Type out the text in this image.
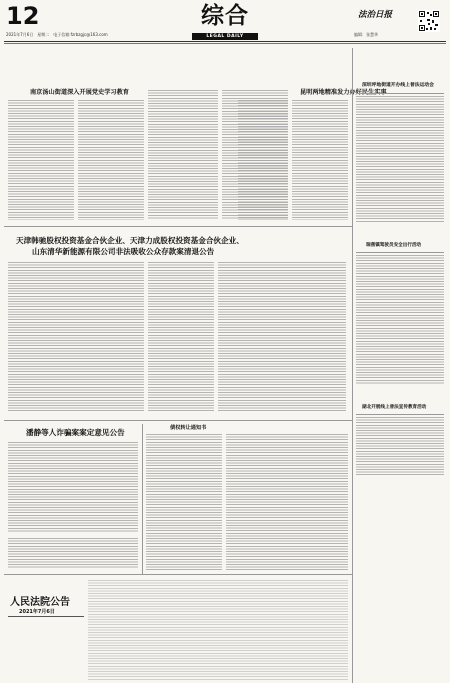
12
2021年7月6日　星期二　电子信箱:fzrbzgjc@163.com
综合
LEGAL DAILY
法治日报
编辑：张慧华
南京汤山街道深入开展党史学习教育	昆明两地精准发力办好民生实事
深圳坪地街道开办线上普法运动会
天津韩驰股权投资基金合伙企业、天津力成股权投资基金合伙企业、
山东清华新能源有限公司非法吸收公众存款案清退公告
瑞燕镇驾驶员安全出行活动
湖北开展线上普法宣传教育活动
潘静等人诈骗案案定意见公告	债权转让通知书
人民法院公告
2021年7月6日
